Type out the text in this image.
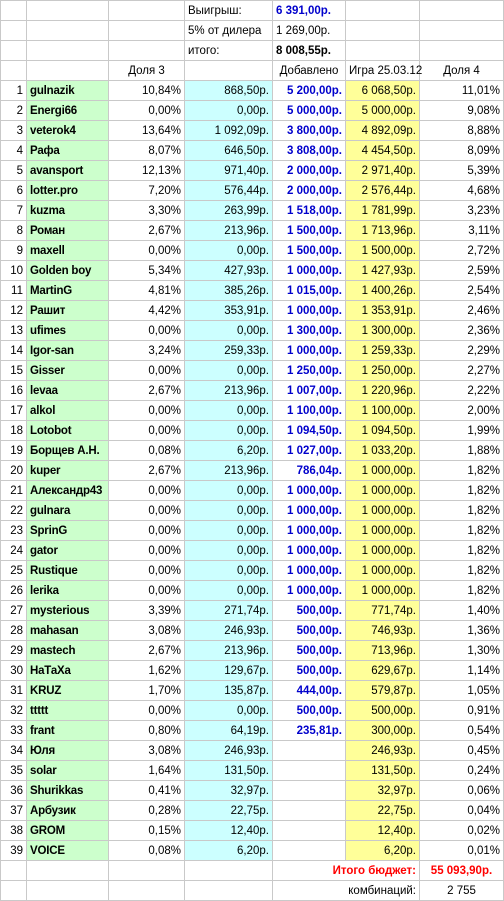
			Выигрыш:	6 391,00р.		
			5% от дилера	1 269,00р.		
			итого:	8 008,55р.		
		Доля 3		Добавлено	Игра 25.03.12	Доля 4
1	gulnazik	10,84%	868,50р.	5 200,00р.	6 068,50р.	11,01%
2	Energi66	0,00%	0,00р.	5 000,00р.	5 000,00р.	9,08%
3	veterok4	13,64%	1 092,09р.	3 800,00р.	4 892,09р.	8,88%
4	Рафа	8,07%	646,50р.	3 808,00р.	4 454,50р.	8,09%
5	avansport	12,13%	971,40р.	2 000,00р.	2 971,40р.	5,39%
6	lotter.pro	7,20%	576,44р.	2 000,00р.	2 576,44р.	4,68%
7	kuzma	3,30%	263,99р.	1 518,00р.	1 781,99р.	3,23%
8	Роман	2,67%	213,96р.	1 500,00р.	1 713,96р.	3,11%
9	maxell	0,00%	0,00р.	1 500,00р.	1 500,00р.	2,72%
10	Golden boy	5,34%	427,93р.	1 000,00р.	1 427,93р.	2,59%
11	MartinG	4,81%	385,26р.	1 015,00р.	1 400,26р.	2,54%
12	Рашит	4,42%	353,91р.	1 000,00р.	1 353,91р.	2,46%
13	ufimes	0,00%	0,00р.	1 300,00р.	1 300,00р.	2,36%
14	Igor-san	3,24%	259,33р.	1 000,00р.	1 259,33р.	2,29%
15	Gisser	0,00%	0,00р.	1 250,00р.	1 250,00р.	2,27%
16	levaa	2,67%	213,96р.	1 007,00р.	1 220,96р.	2,22%
17	alkol	0,00%	0,00р.	1 100,00р.	1 100,00р.	2,00%
18	Lotobot	0,00%	0,00р.	1 094,50р.	1 094,50р.	1,99%
19	Борщев А.Н.	0,08%	6,20р.	1 027,00р.	1 033,20р.	1,88%
20	kuper	2,67%	213,96р.	786,04р.	1 000,00р.	1,82%
21	Александр43	0,00%	0,00р.	1 000,00р.	1 000,00р.	1,82%
22	gulnara	0,00%	0,00р.	1 000,00р.	1 000,00р.	1,82%
23	SprinG	0,00%	0,00р.	1 000,00р.	1 000,00р.	1,82%
24	gator	0,00%	0,00р.	1 000,00р.	1 000,00р.	1,82%
25	Rustique	0,00%	0,00р.	1 000,00р.	1 000,00р.	1,82%
26	lerika	0,00%	0,00р.	1 000,00р.	1 000,00р.	1,82%
27	mysterious	3,39%	271,74р.	500,00р.	771,74р.	1,40%
28	mahasan	3,08%	246,93р.	500,00р.	746,93р.	1,36%
29	mastech	2,67%	213,96р.	500,00р.	713,96р.	1,30%
30	НаТаХа	1,62%	129,67р.	500,00р.	629,67р.	1,14%
31	KRUZ	1,70%	135,87р.	444,00р.	579,87р.	1,05%
32	ttttt	0,00%	0,00р.	500,00р.	500,00р.	0,91%
33	frant	0,80%	64,19р.	235,81р.	300,00р.	0,54%
34	Юля	3,08%	246,93р.		246,93р.	0,45%
35	solar	1,64%	131,50р.		131,50р.	0,24%
36	Shurikkas	0,41%	32,97р.		32,97р.	0,06%
37	Арбузик	0,28%	22,75р.		22,75р.	0,04%
38	GROM	0,15%	12,40р.		12,40р.	0,02%
39	VOICE	0,08%	6,20р.		6,20р.	0,01%
				Итого бюджет:		55 093,90р.
				комбинаций:		2 755
